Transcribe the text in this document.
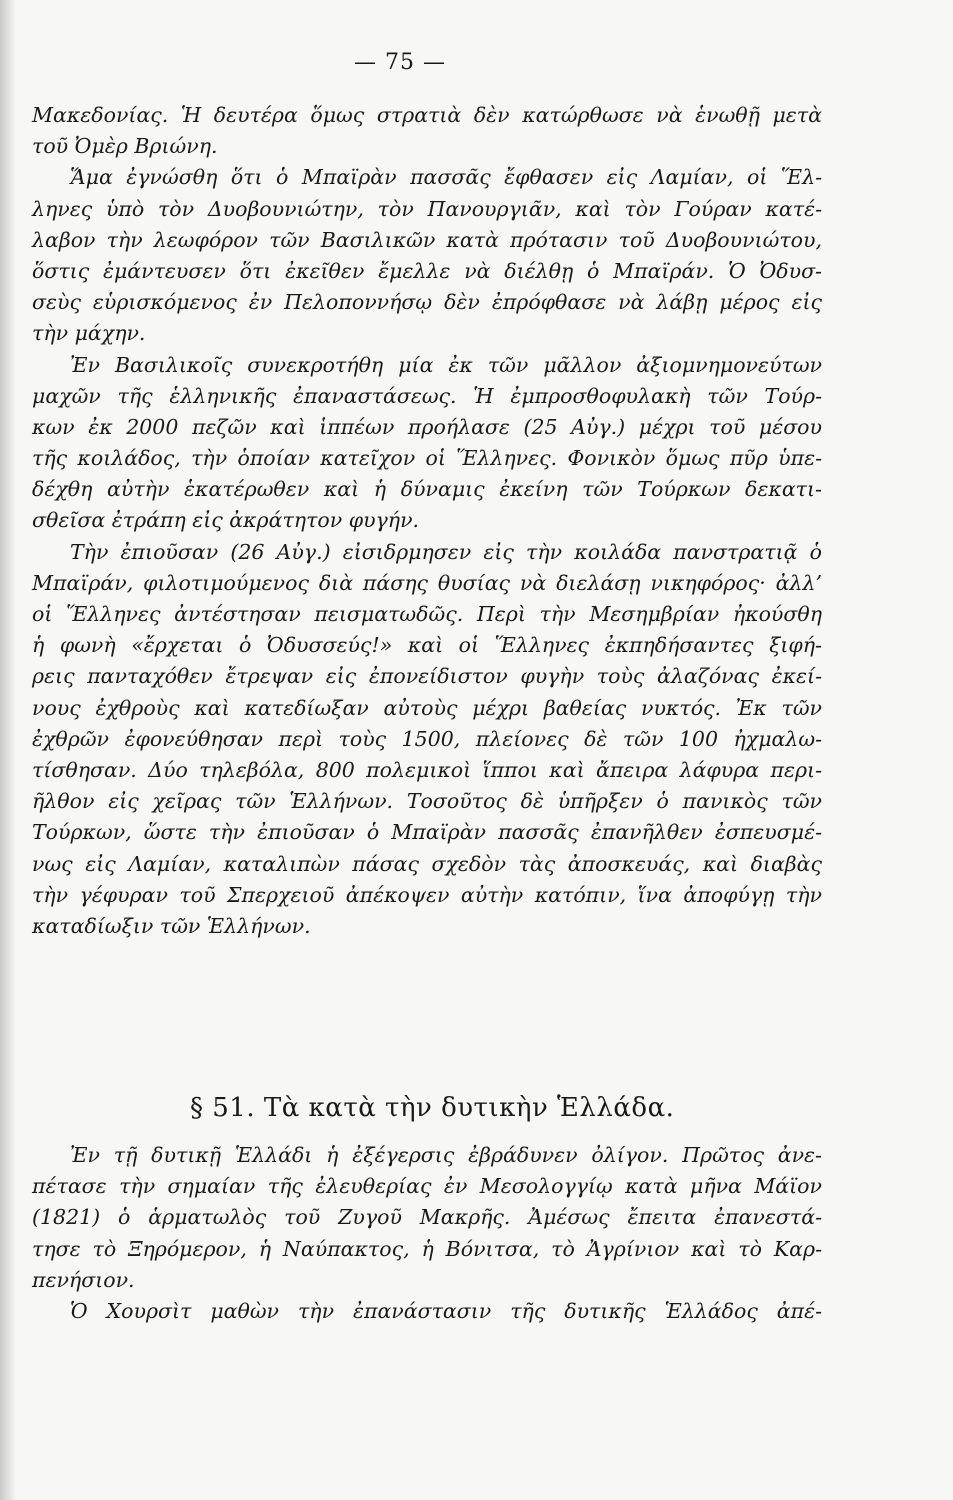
— 75 —
Μακεδονίας. Ἡ δευτέρα ὅμως στρατιὰ δὲν κατώρθωσε νὰ ἑνωθῇ μετὰ
τοῦ Ὀμὲρ Βριώνη.
Ἅμα ἐγνώσθη ὅτι ὁ Μπαϊρὰν πασσᾶς ἔφθασεν εἰς Λαμίαν, οἱ Ἕλ-
ληνες ὑπὸ τὸν Δυοβουνιώτην, τὸν Πανουργιᾶν, καὶ τὸν Γούραν κατέ-
λαβον τὴν λεωφόρον τῶν Βασιλικῶν κατὰ πρότασιν τοῦ Δυοβουνιώτου,
ὅστις ἐμάντευσεν ὅτι ἐκεῖθεν ἔμελλε νὰ διέλθῃ ὁ Μπαϊράν. Ὁ Ὀδυσ-
σεὺς εὑρισκόμενος ἐν Πελοποννήσῳ δὲν ἐπρόφθασε νὰ λάβῃ μέρος εἰς
τὴν μάχην.
Ἐν Βασιλικοῖς συνεκροτήθη μία ἐκ τῶν μᾶλλον ἀξιομνημονεύτων
μαχῶν τῆς ἑλληνικῆς ἐπαναστάσεως. Ἡ ἐμπροσθοφυλακὴ τῶν Τούρ-
κων ἐκ 2000 πεζῶν καὶ ἱππέων προήλασε (25 Αὐγ.) μέχρι τοῦ μέσου
τῆς κοιλάδος, τὴν ὁποίαν κατεῖχον οἱ Ἕλληνες. Φονικὸν ὅμως πῦρ ὑπε-
δέχθη αὐτὴν ἑκατέρωθεν καὶ ἡ δύναμις ἐκείνη τῶν Τούρκων δεκατι-
σθεῖσα ἐτράπη εἰς ἀκράτητον φυγήν.
Τὴν ἐπιοῦσαν (26 Αὐγ.) εἰσιδρμησεν εἰς τὴν κοιλάδα πανστρατιᾷ ὁ
Μπαϊράν, φιλοτιμούμενος διὰ πάσης θυσίας νὰ διελάσῃ νικηφόρος· ἀλλ’
οἱ Ἕλληνες ἀντέστησαν πεισματωδῶς. Περὶ τὴν Μεσημβρίαν ἠκούσθη
ἡ φωνὴ «ἔρχεται ὁ Ὀδυσσεύς!» καὶ οἱ Ἕλληνες ἐκπηδήσαντες ξιφή-
ρεις πανταχόθεν ἔτρεψαν εἰς ἐπονείδιστον φυγὴν τοὺς ἀλαζόνας ἐκεί-
νους ἐχθροὺς καὶ κατεδίωξαν αὐτοὺς μέχρι βαθείας νυκτός. Ἐκ τῶν
ἐχθρῶν ἐφονεύθησαν περὶ τοὺς 1500, πλείονες δὲ τῶν 100 ἠχμαλω-
τίσθησαν. Δύο τηλεβόλα, 800 πολεμικοὶ ἵπποι καὶ ἄπειρα λάφυρα περι-
ῆλθον εἰς χεῖρας τῶν Ἑλλήνων. Τοσοῦτος δὲ ὑπῆρξεν ὁ πανικὸς τῶν
Τούρκων, ὥστε τὴν ἐπιοῦσαν ὁ Μπαϊρὰν πασσᾶς ἐπανῆλθεν ἐσπευσμέ-
νως εἰς Λαμίαν, καταλιπὼν πάσας σχεδὸν τὰς ἀποσκευάς, καὶ διαβὰς
τὴν γέφυραν τοῦ Σπερχειοῦ ἀπέκοψεν αὐτὴν κατόπιν, ἵνα ἀποφύγῃ τὴν
καταδίωξιν τῶν Ἑλλήνων.
§ 51. Τὰ κατὰ τὴν δυτικὴν Ἑλλάδα.
Ἐν τῇ δυτικῇ Ἑλλάδι ἡ ἐξέγερσις ἐβράδυνεν ὀλίγον. Πρῶτος ἀνε-
πέτασε τὴν σημαίαν τῆς ἐλευθερίας ἐν Μεσολογγίῳ κατὰ μῆνα Μάϊον
(1821) ὁ ἁρματωλὸς τοῦ Ζυγοῦ Μακρῆς. Ἀμέσως ἔπειτα ἐπανεστά-
τησε τὸ Ξηρόμερον, ἡ Ναύπακτος, ἡ Βόνιτσα, τὸ Ἀγρίνιον καὶ τὸ Καρ-
πενήσιον.
Ὁ Χουρσὶτ μαθὼν τὴν ἐπανάστασιν τῆς δυτικῆς Ἑλλάδος ἀπέ-
